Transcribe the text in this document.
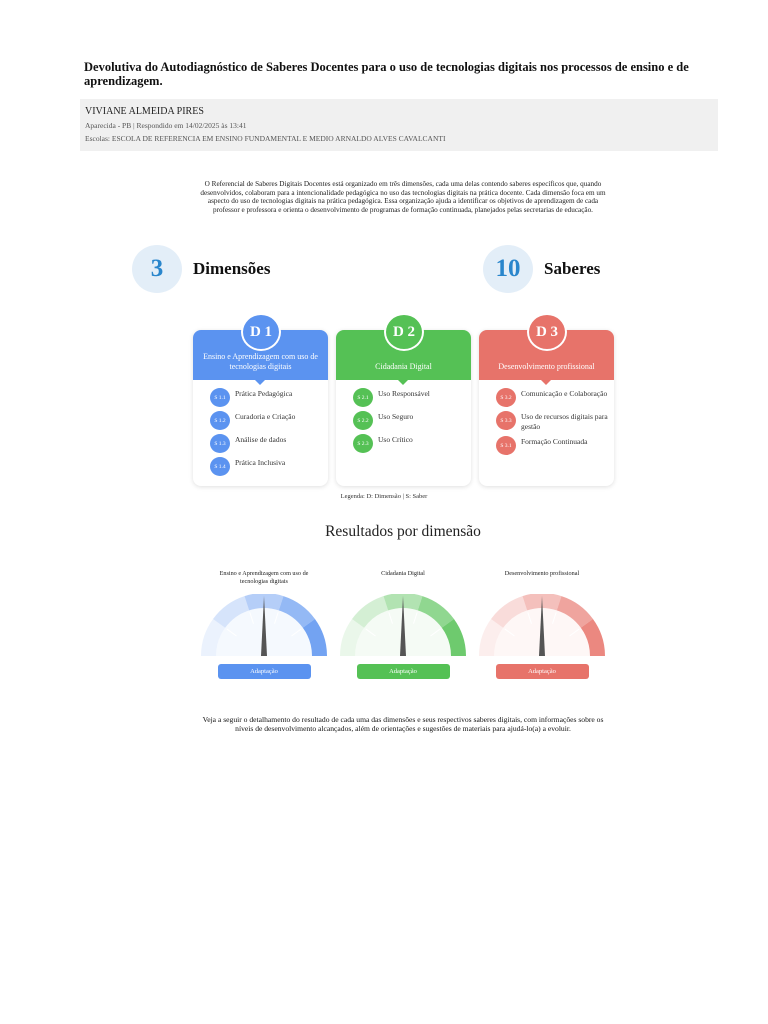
Devolutiva do Autodiagnóstico de Saberes Docentes para o uso de tecnologias digitais nos processos de ensino e de aprendizagem.
VIVIANE ALMEIDA PIRES
Aparecida - PB | Respondido em 14/02/2025 às 13:41
Escolas: ESCOLA DE REFERENCIA EM ENSINO FUNDAMENTAL E MEDIO ARNALDO ALVES CAVALCANTI
O Referencial de Saberes Digitais Docentes está organizado em três dimensões, cada uma delas contendo saberes específicos que, quando desenvolvidos, colaboram para a intencionalidade pedagógica no uso das tecnologias digitais na prática docente. Cada dimensão foca em um aspecto do uso de tecnologias digitais na prática pedagógica. Essa organização ajuda a identificar os objetivos de aprendizagem de cada professor e professora e orienta o desenvolvimento de programas de formação continuada, planejados pelas secretarias de educação.
3	Dimensões	10	Saberes
D 1
Ensino e Aprendizagem com uso de tecnologias digitais
S 1.1	Prática Pedagógica
S 1.2	Curadoria e Criação
S 1.3	Análise de dados
S 1.4	Prática Inclusiva
D 2
Cidadania Digital
S 2.1	Uso Responsável
S 2.2	Uso Seguro
S 2.3	Uso Crítico
D 3
Desenvolvimento profissional
S 3.2	Comunicação e Colaboração
S 3.3	Uso de recursos digitais para gestão
S 3.1	Formação Continuada
Legenda: D: Dimensão | S: Saber
Resultados por dimensão
Ensino e Aprendizagem com uso de tecnologias digitais
Adaptação
Cidadania Digital
Adaptação
Desenvolvimento profissional
Adaptação
Veja a seguir o detalhamento do resultado de cada uma das dimensões e seus respectivos saberes digitais, com informações sobre os níveis de desenvolvimento alcançados, além de orientações e sugestões de materiais para ajudá-lo(a) a evoluir.
